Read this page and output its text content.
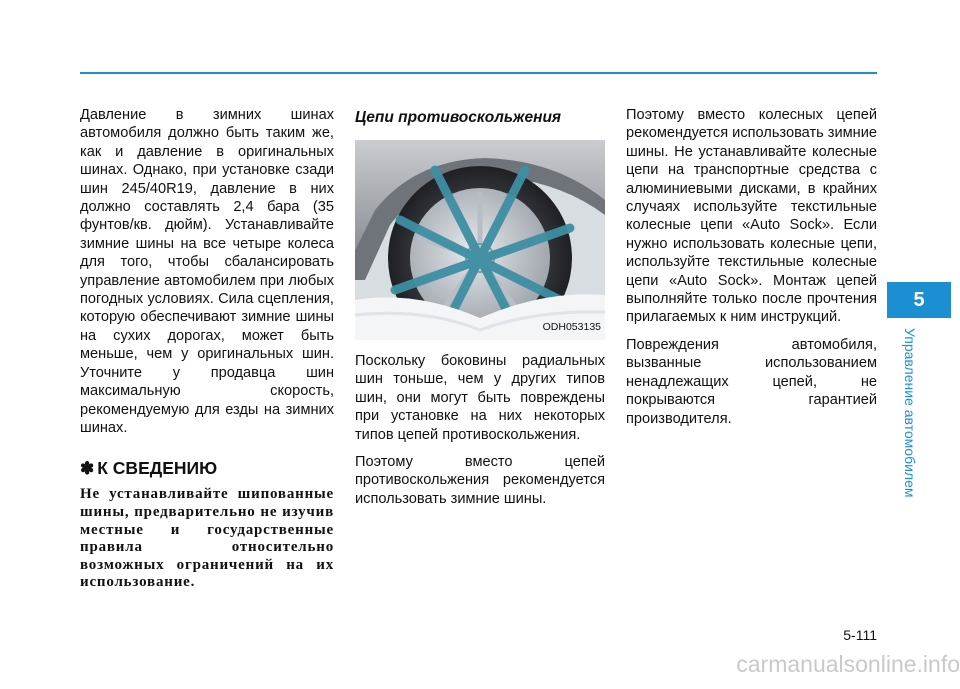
Давление в зимних шинах автомобиля должно быть таким же, как и давление в оригинальных шинах. Однако, при установке сзади шин 245/40R19, давление в них должно составлять 2,4 бара (35 фунтов/кв. дюйм). Устанавливайте зимние шины на все четыре колеса для того, чтобы сбалансировать управление автомобилем при любых погодных условиях. Сила сцепления, которую обеспечивают зимние шины на сухих дорогах, может быть меньше, чем у оригинальных шин. Уточните у продавца шин максимальную скорость, рекомендуемую для езды на зимних шинах.

✽ К СВЕДЕНИЮ

Не устанавливайте шипованные шины, предварительно не изучив местные и государственные правила относительно возможных ограничений на их использование.

Цепи противоскольжения
ODH053135

Поскольку боковины радиальных шин тоньше, чем у других типов шин, они могут быть повреждены при установке на них некоторых типов цепей противоскольжения.

Поэтому вместо цепей противоскольжения рекомендуется использовать зимние шины.

Поэтому вместо колесных цепей рекомендуется использовать зимние шины. Не устанавливайте колесные цепи на транспортные средства с алюминиевыми дисками, в крайних случаях используйте текстильные колесные цепи «Auto Sock». Если нужно использовать колесные цепи, используйте текстильные колесные цепи «Auto Sock». Монтаж цепей выполняйте только после прочтения прилагаемых к ним инструкций.

Повреждения автомобиля, вызванные использованием ненадлежащих цепей, не покрываются гарантией производителя.

5
Управление автомобилем
5-111
carmanualsonline.info
